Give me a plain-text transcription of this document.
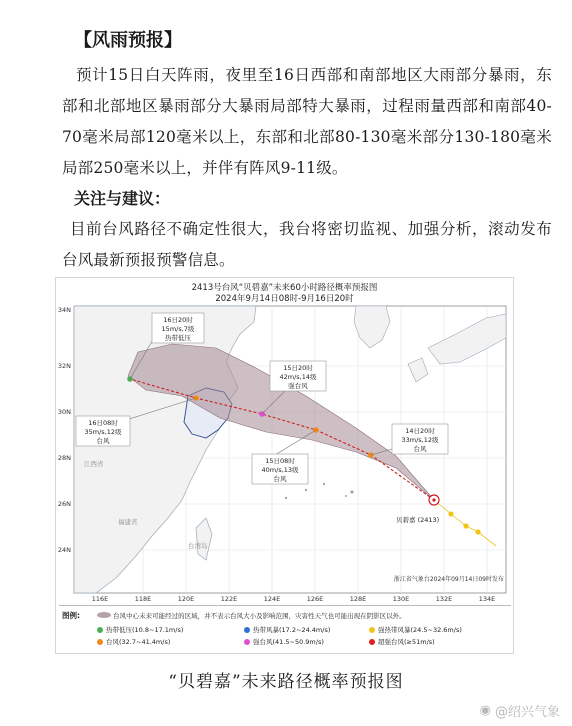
【风雨预报】

预计15日白天阵雨，夜里至16日西部和南部地区大雨部分暴雨，东部和北部地区暴雨部分大暴雨局部特大暴雨，过程雨量西部和南部40-70毫米局部120毫米以上，东部和北部80-130毫米部分130-180毫米局部250毫米以上，并伴有阵风9-11级。

关注与建议：

目前台风路径不确定性很大，我台将密切监视、加强分析，滚动发布台风最新预报预警信息。

2413号台风“贝碧嘉”未来60小时路径概率预报图
2024年9月14日08时-9月16日20时
16日20时
15m/s,7级
热带低压
16日08时
35m/s,12级
台风
15日20时
42m/s,14级
强台风
15日08时
40m/s,13级
台风
14日20时
33m/s,12级
台风
江西省
福建省
台湾岛
贝碧嘉 (2413)
浙江省气象台2024年09月14日09时发布
34N
32N
30N
28N
26N
24N
116E	118E	120E	122E	124E	126E	128E	130E	132E	134E
图例:	台风中心未来可能经过的区域，并不表示台风大小及影响范围，灾害性天气也可能出现在阴影区以外。
热带低压(10.8~17.1m/s)	热带风暴(17.2~24.4m/s)	强热带风暴(24.5~32.6m/s)
台风(32.7~41.4m/s)	强台风(41.5~50.9m/s)	超强台风(≥51m/s)
“贝碧嘉”未来路径概率预报图
◉ @绍兴气象
